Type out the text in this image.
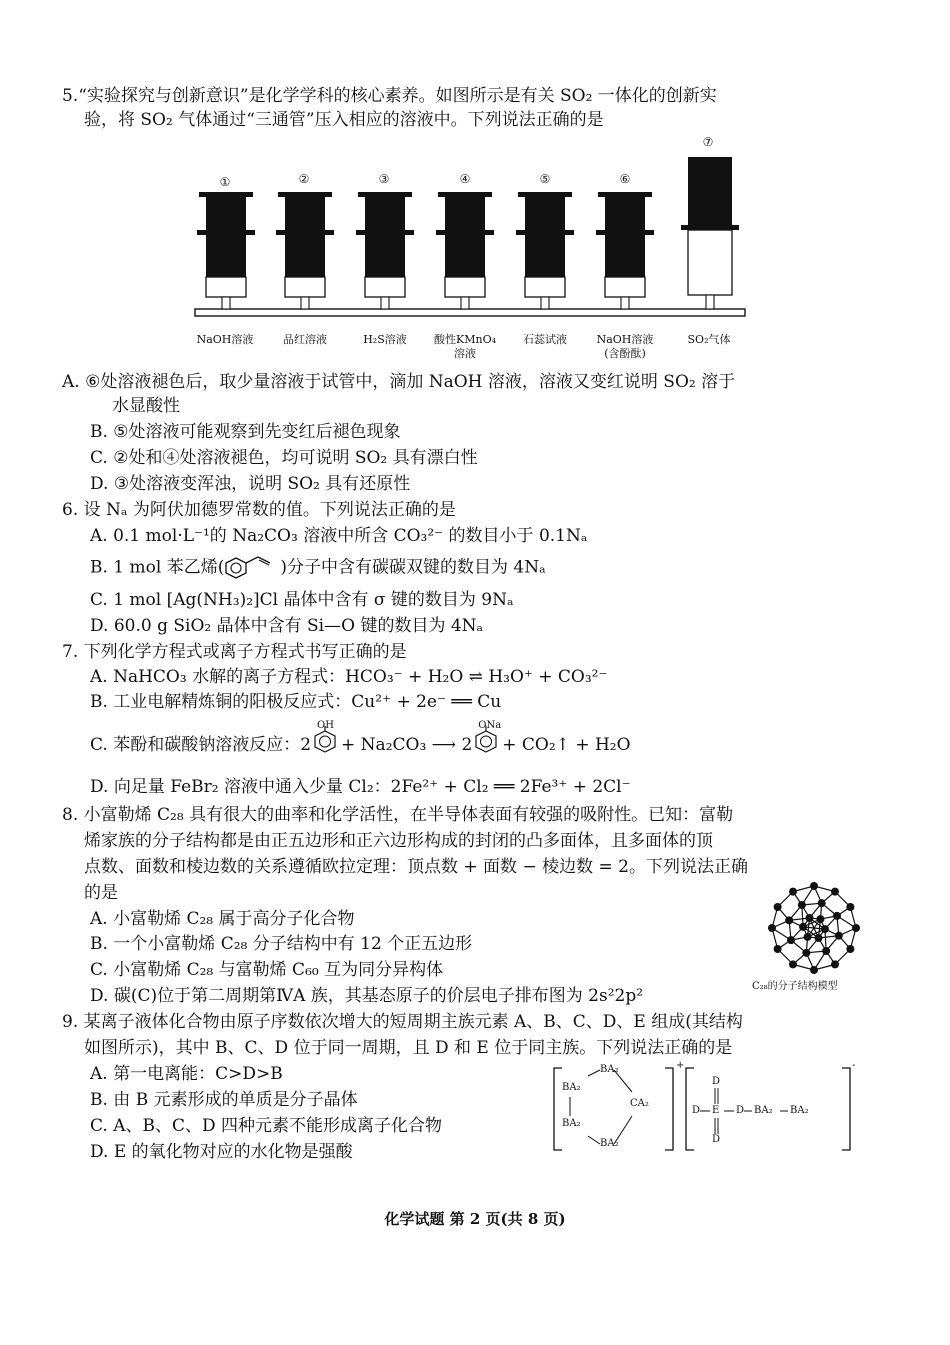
5.“实验探究与创新意识”是化学学科的核心素养。如图所示是有关 SO₂ 一体化的创新实
验，将 SO₂ 气体通过“三通管”压入相应的溶液中。下列说法正确的是
①	②	③	④	⑤	⑥
⑦
NaOH溶液	品红溶液	H₂S溶液	酸性KMnO₄
溶液
石蕊试液	NaOH溶液
(含酚酞)
SO₂气体
A. ⑥处溶液褪色后，取少量溶液于试管中，滴加 NaOH 溶液，溶液又变红说明 SO₂ 溶于
水显酸性
B. ⑤处溶液可能观察到先变红后褪色现象
C. ②处和④处溶液褪色，均可说明 SO₂ 具有漂白性
D. ③处溶液变浑浊，说明 SO₂ 具有还原性
6. 设 Nₐ 为阿伏加德罗常数的值。下列说法正确的是
A. 0.1 mol·L⁻¹的 Na₂CO₃ 溶液中所含 CO₃²⁻ 的数目小于 0.1Nₐ
B. 1 mol 苯乙烯(	)分子中含有碳碳双键的数目为 4Nₐ
C. 1 mol [Ag(NH₃)₂]Cl 晶体中含有 σ 键的数目为 9Nₐ
D. 60.0 g SiO₂ 晶体中含有 Si—O 键的数目为 4Nₐ
7. 下列化学方程式或离子方程式书写正确的是
A. NaHCO₃ 水解的离子方程式：HCO₃⁻ + H₂O ⇌ H₃O⁺ + CO₃²⁻
B. 工业电解精炼铜的阳极反应式：Cu²⁺ + 2e⁻ ══ Cu
C. 苯酚和碳酸钠溶液反应：2
OH
+ Na₂CO₃ ⟶ 2
ONa
+ CO₂↑ + H₂O
D. 向足量 FeBr₂ 溶液中通入少量 Cl₂：2Fe²⁺ + Cl₂ ══ 2Fe³⁺ + 2Cl⁻
8. 小富勒烯 C₂₈ 具有很大的曲率和化学活性，在半导体表面有较强的吸附性。已知：富勒
烯家族的分子结构都是由正五边形和正六边形构成的封闭的凸多面体，且多面体的顶
点数、面数和棱边数的关系遵循欧拉定理：顶点数 + 面数 − 棱边数 = 2。下列说法正确
的是
A. 小富勒烯 C₂₈ 属于高分子化合物
B. 一个小富勒烯 C₂₈ 分子结构中有 12 个正五边形
C. 小富勒烯 C₂₈ 与富勒烯 C₆₀ 互为同分异构体
D. 碳(C)位于第二周期第ⅣA 族，其基态原子的价层电子排布图为 2s²2p²	C₂₈的分子结构模型
9. 某离子液体化合物由原子序数依次增大的短周期主族元素 A、B、C、D、E 组成(其结构
如图所示)，其中 B、C、D 位于同一周期，且 D 和 E 位于同主族。下列说法正确的是
A. 第一电离能：C>D>B
B. 由 B 元素形成的单质是分子晶体
C. A、B、C、D 四种元素不能形成离子化合物
D. E 的氧化物对应的水化物是强酸
BA₂
BA₂
CA₂
BA₂
BA₂
+
D
D E D BA₂ BA₂
D
-
化学试题 第 2 页(共 8 页)
